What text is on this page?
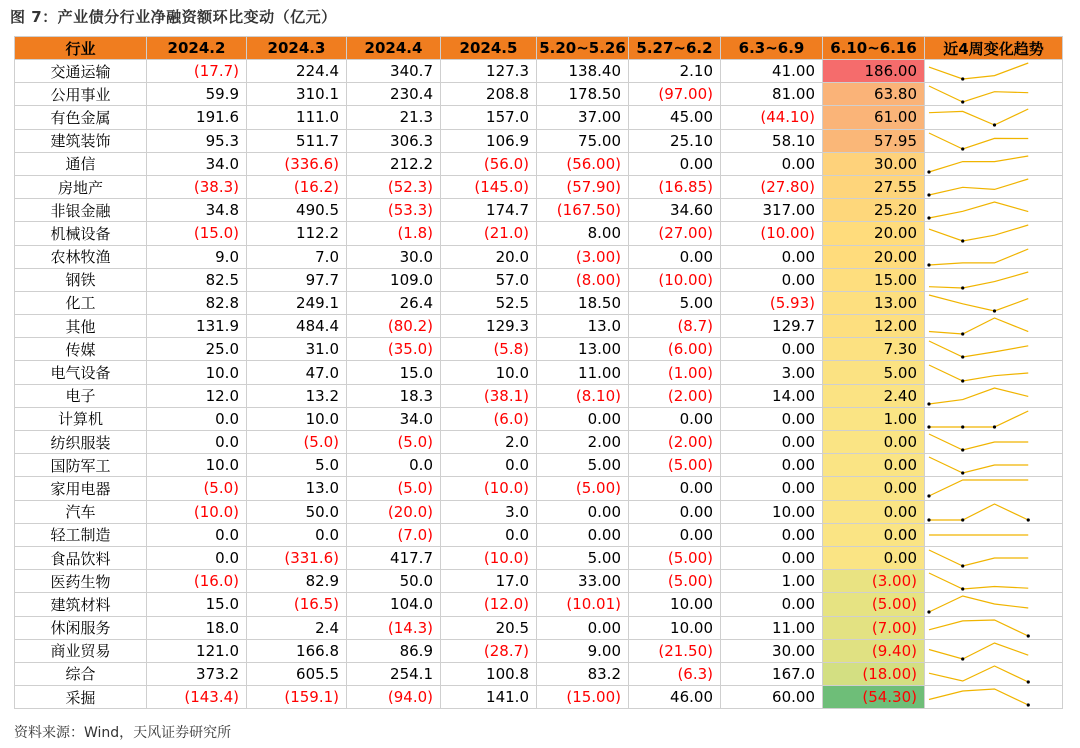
图 7：产业债分行业净融资额环比变动（亿元）
行业	2024.2	2024.3	2024.4	2024.5	5.20~5.26	5.27~6.2	6.3~6.9	6.10~6.16	近4周变化趋势
交通运输	(17.7)	224.4	340.7	127.3	138.40	2.10	41.00	186.00	

公用事业	59.9	310.1	230.4	208.8	178.50	(97.00)	81.00	63.80	

有色金属	191.6	111.0	21.3	157.0	37.00	45.00	(44.10)	61.00	

建筑装饰	95.3	511.7	306.3	106.9	75.00	25.10	58.10	57.95	

通信	34.0	(336.6)	212.2	(56.0)	(56.00)	0.00	0.00	30.00	

房地产	(38.3)	(16.2)	(52.3)	(145.0)	(57.90)	(16.85)	(27.80)	27.55	

非银金融	34.8	490.5	(53.3)	174.7	(167.50)	34.60	317.00	25.20	

机械设备	(15.0)	112.2	(1.8)	(21.0)	8.00	(27.00)	(10.00)	20.00	

农林牧渔	9.0	7.0	30.0	20.0	(3.00)	0.00	0.00	20.00	

钢铁	82.5	97.7	109.0	57.0	(8.00)	(10.00)	0.00	15.00	

化工	82.8	249.1	26.4	52.5	18.50	5.00	(5.93)	13.00	

其他	131.9	484.4	(80.2)	129.3	13.0	(8.7)	129.7	12.00	

传媒	25.0	31.0	(35.0)	(5.8)	13.00	(6.00)	0.00	7.30	

电气设备	10.0	47.0	15.0	10.0	11.00	(1.00)	3.00	5.00	

电子	12.0	13.2	18.3	(38.1)	(8.10)	(2.00)	14.00	2.40	

计算机	0.0	10.0	34.0	(6.0)	0.00	0.00	0.00	1.00	

纺织服装	0.0	(5.0)	(5.0)	2.0	2.00	(2.00)	0.00	0.00	

国防军工	10.0	5.0	0.0	0.0	5.00	(5.00)	0.00	0.00	

家用电器	(5.0)	13.0	(5.0)	(10.0)	(5.00)	0.00	0.00	0.00	

汽车	(10.0)	50.0	(20.0)	3.0	0.00	0.00	10.00	0.00	

轻工制造	0.0	0.0	(7.0)	0.0	0.00	0.00	0.00	0.00	

食品饮料	0.0	(331.6)	417.7	(10.0)	5.00	(5.00)	0.00	0.00	

医药生物	(16.0)	82.9	50.0	17.0	33.00	(5.00)	1.00	(3.00)	

建筑材料	15.0	(16.5)	104.0	(12.0)	(10.01)	10.00	0.00	(5.00)	

休闲服务	18.0	2.4	(14.3)	20.5	0.00	10.00	11.00	(7.00)	

商业贸易	121.0	166.8	86.9	(28.7)	9.00	(21.50)	30.00	(9.40)	

综合	373.2	605.5	254.1	100.8	83.2	(6.3)	167.0	(18.00)	

采掘	(143.4)	(159.1)	(94.0)	141.0	(15.00)	46.00	60.00	(54.30)	
资料来源：Wind，天风证券研究所
